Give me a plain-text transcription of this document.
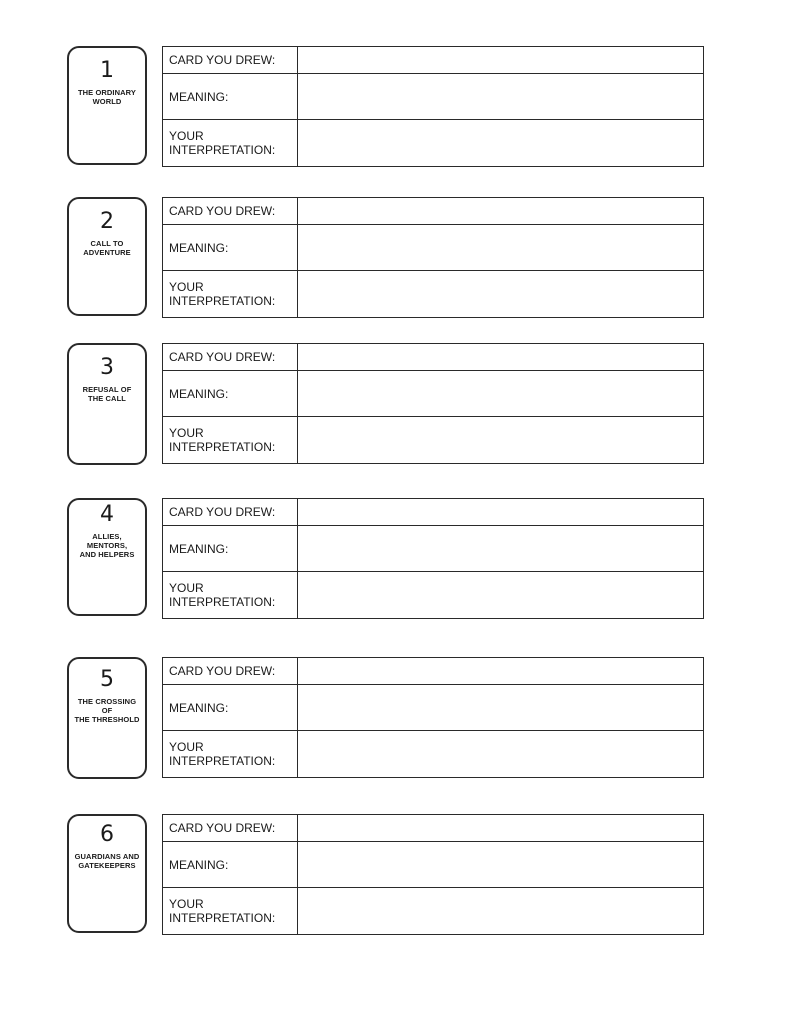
1
THE ORDINARY
WORLD
CARD YOU DREW:
MEANING:
YOUR
INTERPRETATION:
2
CALL TO
ADVENTURE
CARD YOU DREW:
MEANING:
YOUR
INTERPRETATION:
3
REFUSAL OF
THE CALL
CARD YOU DREW:
MEANING:
YOUR
INTERPRETATION:
4
ALLIES, MENTORS,
AND HELPERS
CARD YOU DREW:
MEANING:
YOUR
INTERPRETATION:
5
THE CROSSING OF
THE THRESHOLD
CARD YOU DREW:
MEANING:
YOUR
INTERPRETATION:
6
GUARDIANS AND
GATEKEEPERS
CARD YOU DREW:
MEANING:
YOUR
INTERPRETATION:
